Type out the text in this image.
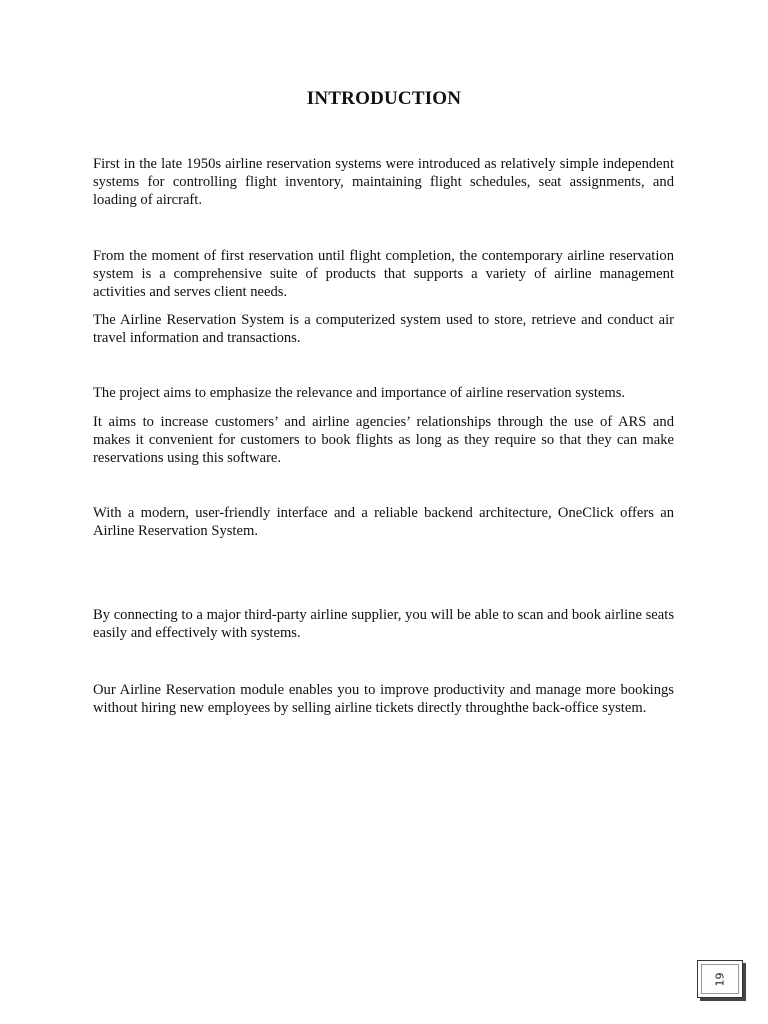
INTRODUCTION

First in the late 1950s airline reservation systems were introduced as relatively simple independent systems for controlling flight inventory, maintaining flight schedules, seat assignments, and loading of aircraft.

From the moment of first reservation until flight completion, the contemporary airline reservation system is a comprehensive suite of products that supports a variety of airline management activities and serves client needs.

The Airline Reservation System is a computerized system used to store, retrieve and conduct air travel information and transactions.

The project aims to emphasize the relevance and importance of airline reservation systems.

It aims to increase customers’ and airline agencies’ relationships through the use of ARS and makes it convenient for customers to book flights as long as they require so that they can make reservations using this software.

With a modern, user-friendly interface and a reliable backend architecture, OneClick offers an Airline Reservation System.

By connecting to a major third-party airline supplier, you will be able to scan and book airline seats easily and effectively with systems.

Our Airline Reservation module enables you to improve productivity and manage more bookings without hiring new employees by selling airline tickets directly throughthe back-office system.

19
